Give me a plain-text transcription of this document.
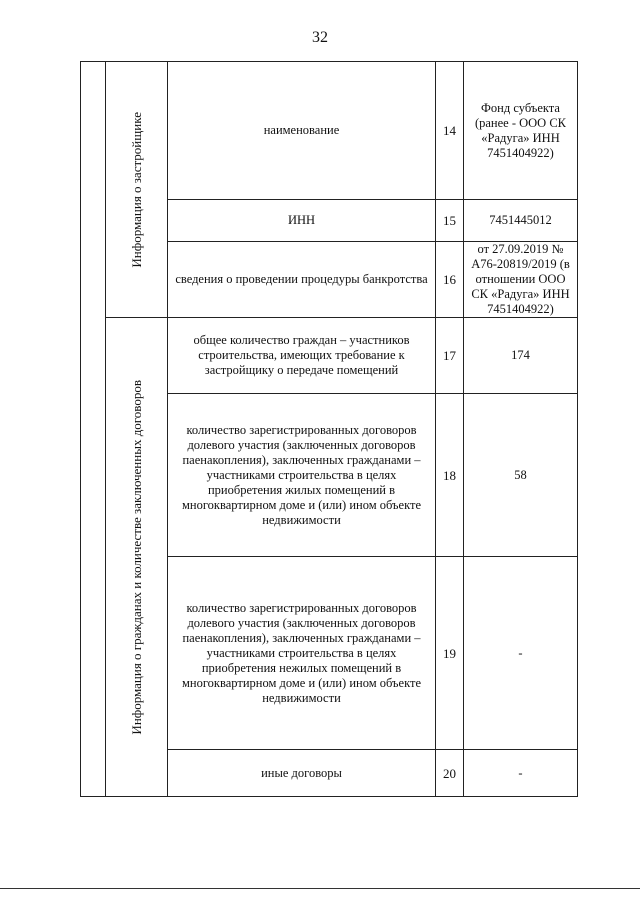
32

	Информация о застройщике	наименование	14	Фонд субъекта (ранее - ООО СК «Радуга» ИНН 7451404922)
		ИНН	15	7451445012
		сведения о проведении процедуры банкротства	16	от 27.09.2019 № А76-20819/2019 (в отношении ООО СК «Радуга» ИНН 7451404922)

	Информация о гражданах и количестве заключенных договоров	общее количество граждан – участников строительства, имеющих требование к застройщику о передаче помещений	17	174
		количество зарегистрированных договоров долевого участия (заключенных договоров паенакопления), заключенных гражданами – участниками строительства в целях приобретения жилых помещений в многоквартирном доме и (или) ином объекте недвижимости	18	58
		количество зарегистрированных договоров долевого участия (заключенных договоров паенакопления), заключенных гражданами – участниками строительства в целях приобретения нежилых помещений в многоквартирном доме и (или) ином объекте недвижимости	19	-
		иные договоры	20	-
